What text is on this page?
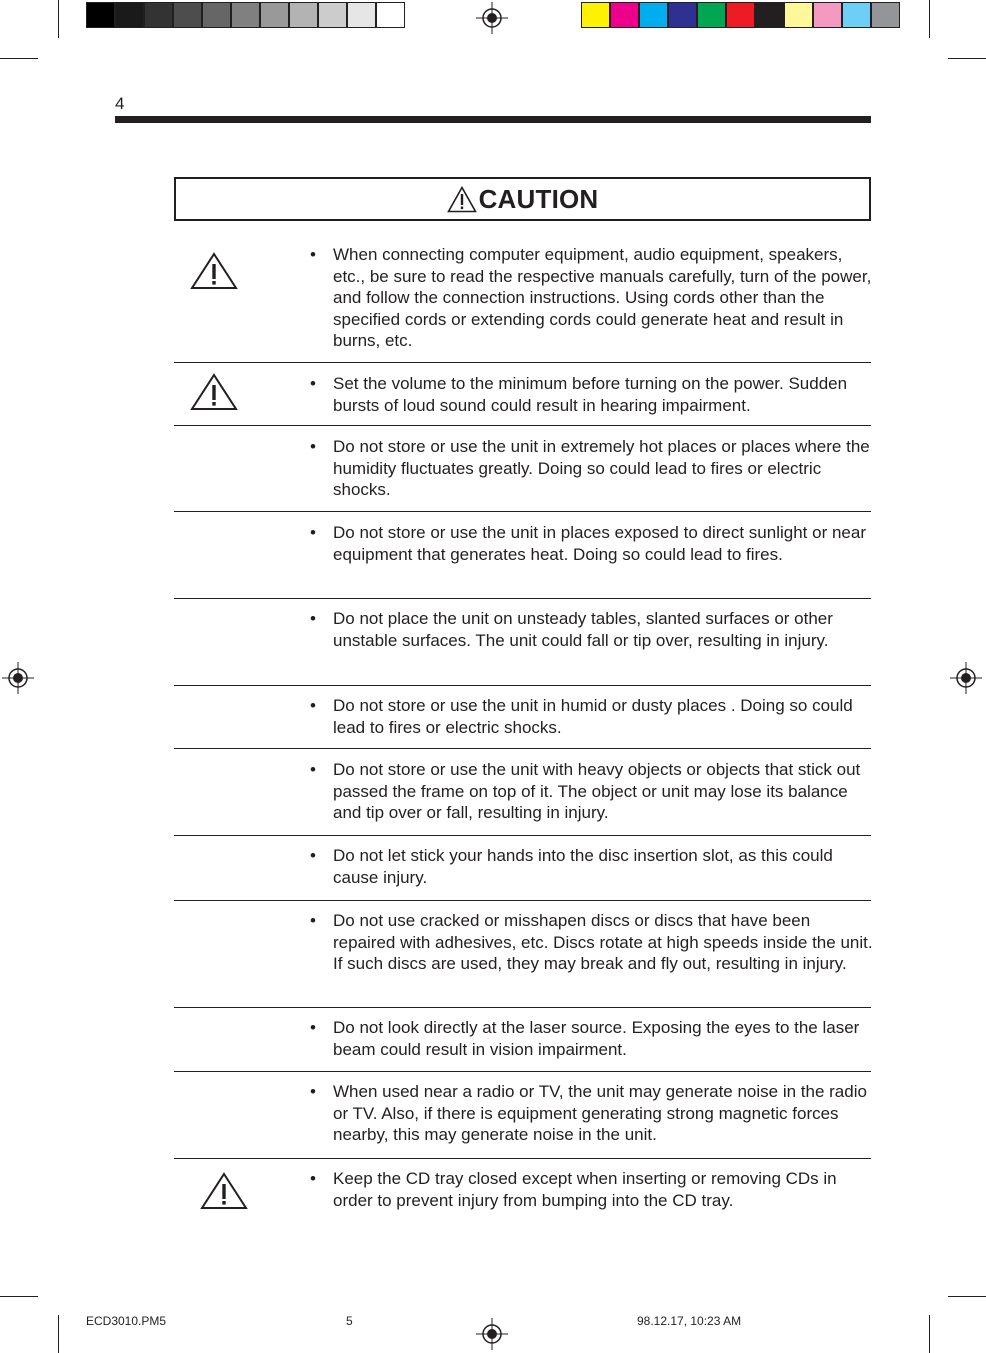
4
CAUTION
• When connecting computer equipment, audio equipment, speakers, etc., be sure to read the respective manuals carefully, turn of the power, and follow the connection instructions. Using cords other than the specified cords or extending cords could generate heat and result in burns, etc.
• Set the volume to the minimum before turning on the power. Sudden bursts of loud sound could result in hearing impairment.
• Do not store or use the unit in extremely hot places or places where the humidity fluctuates greatly. Doing so could lead to fires or electric shocks.
• Do not store or use the unit in places exposed to direct sunlight or near equipment that generates heat. Doing so could lead to fires.
• Do not place the unit on unsteady tables, slanted surfaces or other unstable surfaces. The unit could fall or tip over, resulting in injury.
• Do not store or use the unit in humid or dusty places . Doing so could lead to fires or electric shocks.
• Do not store or use the unit with heavy objects or objects that stick out passed the frame on top of it. The object or unit may lose its balance and tip over or fall, resulting in injury.
• Do not let stick your hands into the disc insertion slot, as this could cause injury.
• Do not use cracked or misshapen discs or discs that have been repaired with adhesives, etc. Discs rotate at high speeds inside the unit. If such discs are used, they may break and fly out, resulting in injury.
• Do not look directly at the laser source. Exposing the eyes to the laser beam could result in vision impairment.
• When used near a radio or TV, the unit may generate noise in the radio or TV. Also, if there is equipment generating strong magnetic forces nearby, this may generate noise in the unit.
• Keep the CD tray closed except when inserting or removing CDs in order to prevent injury from bumping into the CD tray.
ECD3010.PM5	5	98.12.17, 10:23 AM
